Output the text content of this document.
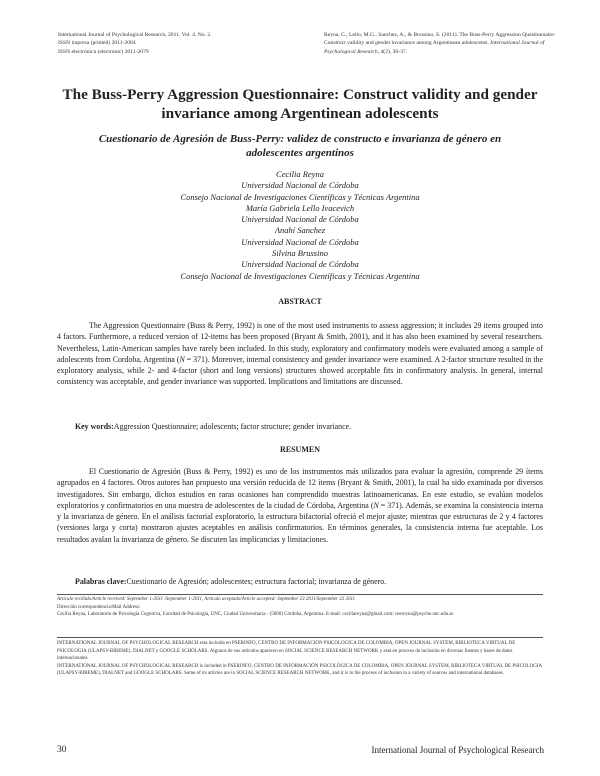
International Journal of Psychological Research, 2011. Vol. 4. No. 2.
ISSN impresa (printed) 2011-2084
ISSN electrónica (electronic) 2011-2079
Reyna, C., Lello, M.G., Sanchez, A., & Brussino, S. (2011). The Buss-Perry Aggression Questionnaire: Construct validity and gender invariance among Argentinean adolescents. International Journal of Psychological Research, 4(2), 30-37.
The Buss-Perry Aggression Questionnaire: Construct validity and gender invariance among Argentinean adolescents
Cuestionario de Agresión de Buss-Perry: validez de constructo e invarianza de género en adolescentes argentinos
Cecilia Reyna
Universidad Nacional de Córdoba
Consejo Nacional de Investigaciones Científicas y Técnicas Argentina
María Gabriela Lello Ivacevich
Universidad Nacional de Córdoba
Anahí Sanchez
Universidad Nacional de Córdoba
Silvina Brussino
Universidad Nacional de Córdoba
Consejo Nacional de Investigaciones Científicas y Técnicas Argentina
ABSTRACT

The Aggression Questionnaire (Buss & Perry, 1992) is one of the most used instruments to assess aggression; it includes 29 items grouped into 4 factors. Furthermore, a reduced version of 12-items has been proposed (Bryant & Smith, 2001), and it has also been examined by several researchers. Nevertheless, Latin-American samples have rarely been included. In this study, exploratory and confirmatory models were evaluated among a sample of adolescents from Cordoba, Argentina (N = 371). Moreover, internal consistency and gender invariance were examined. A 2-factor structure resulted in the exploratory analysis, while 2- and 4-factor (short and long versions) structures showed acceptable fits in confirmatory analysis. In general, internal consistency was acceptable, and gender invariance was supported. Implications and limitations are discussed.

Key words:Aggression Questionnaire; adolescents; factor structure; gender invariance.
RESUMEN

El Cuestionario de Agresión (Buss & Perry, 1992) es uno de los instrumentos más utilizados para evaluar la agresión, comprende 29 ítems agrupados en 4 factores. Otros autores han propuesto una versión reducida de 12 ítems (Bryant & Smith, 2001), la cual ha sido examinada por diversos investigadores. Sin embargo, dichos estudios en raras ocasiones han comprendido muestras latinoamericanas. En este estudio, se evalúan modelos exploratorios y confirmatorios en una muestra de adolescentes de la ciudad de Córdoba, Argentina (N = 371). Además, se examina la consistencia interna y la invarianza de género. En el análisis factorial exploratorio, la estructura bifactorial ofreció el mejor ajuste; mientras que estructuras de 2 y 4 factores (versiones larga y corta) mostraron ajustes aceptables en análisis confirmatorios. En términos generales, la consistencia interna fue aceptable. Los resultados avalan la invarianza de género. Se discuten las implicancias y limitaciones.

Palabras clave:Cuestionario de Agresión; adolescentes; estructura factorial; invarianza de género.
Artículo recibido/Article received: September 1-2011 /September 1-2011, Artículo aceptado/Article accepted: September 23 2011/September 23 2011
Dirección correspondencia/Mail Address:
Cecilia Reyna, Laboratorio de Psicología Cognitiva, Facultad de Psicología, UNC, Ciudad Universitaria - (5000) Córdoba, Argentina. E-mail: ceciliareyna@gmail.com/ ceereyna@psyche.unc.edu.ar
INTERNATIONAL JOURNAL OF PSYCHOLOGICAL RESEARCH esta incluida en PSERINFO, CENTRO DE INFORMACION PSICOLOGICA DE COLOMBIA, OPEN JOURNAL SYSTEM, BIBLIOTECA VIRTUAL DE PSICOLOGIA (ULAPSY-BIREME), DIALNET y GOOGLE SCHOLARS. Algunos de sus artículos aparecen en SOCIAL SCIENCE RESEARCH NETWORK y está en proceso de inclusión en diversas fuentes y bases de datos internacionales.
INTERNATIONAL JOURNAL OF PSYCHOLOGICAL RESEARCH is included in PSERINFO, CENTRO DE INFORMACIÓN PSICOLÓGICA DE COLOMBIA, OPEN JOURNAL SYSTEM, BIBLIOTECA VIRTUAL DE PSICOLOGIA (ULAPSY-BIREME), DIALNET and GOOGLE SCHOLARS. Some of its articles are in SOCIAL SCIENCE RESEARCH NETWORK, and it is in the process of inclusion in a variety of sources and international databases.
30	International Journal of Psychological Research
